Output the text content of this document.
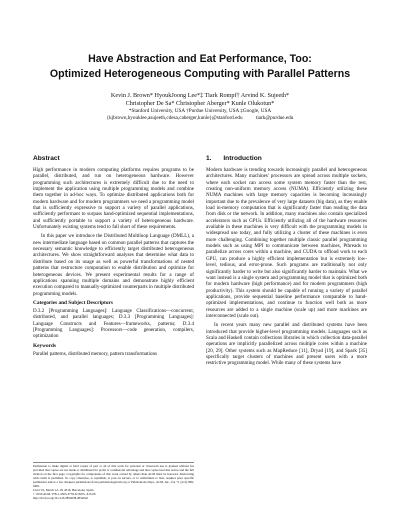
Have Abstraction and Eat Performance, Too:
Optimized Heterogeneous Computing with Parallel Patterns
Kevin J. Brown* HyoukJoong Lee*‡ Tiark Rompf† Arvind K. Sujeeth*
Christopher De Sa* Christopher Aberger* Kunle Olukotun*
*Stanford University, USA †Purdue University, USA ‡Google, USA
{kjbrown,hyouklee,asujeeth,cdesa,caberger,kunle}@stanford.edu	tiark@purdue.edu
Abstract

High performance in modern computing platforms requires programs to be parallel, distributed, and run on heterogeneous hardware. However programming such architectures is extremely difficult due to the need to implement the application using multiple programming models and combine them together in ad-hoc ways. To optimize distributed applications both for modern hardware and for modern programmers we need a programming model that is sufficiently expressive to support a variety of parallel applications, sufficiently performant to surpass hand-optimized sequential implementations, and sufficiently portable to support a variety of heterogeneous hardware. Unfortunately existing systems tend to fall short of these requirements.

In this paper we introduce the Distributed Multiloop Language (DMLL), a new intermediate language based on common parallel patterns that captures the necessary semantic knowledge to efficiently target distributed heterogeneous architectures. We show straightforward analyses that determine what data to distribute based on its usage as well as powerful transformations of nested patterns that restructure computation to enable distribution and optimize for heterogeneous devices. We present experimental results for a range of applications spanning multiple domains and demonstrate highly efficient execution compared to manually-optimized counterparts in multiple distributed programming models.

Categories and Subject Descriptors

D.3.2 [Programming Languages]: Language Classifications—concurrent, distributed, and parallel languages; D.3.3 [Programming Languages]: Language Constructs and Features—frameworks, patterns; D.3.4 [Programming Languages]: Processors—code generation, compilers, optimization

Keywords

Parallel patterns, distributed memory, pattern transformations

1. Introduction

Modern hardware is trending towards increasingly parallel and heterogeneous architectures. Many machines' processors are spread across multiple sockets, where each socket can access some system memory faster than the rest, creating non-uniform memory access (NUMA). Efficiently utilizing these NUMA machines with large memory capacities is becoming increasingly important due to the prevalence of very large datasets (big data), as they enable load in-memory computation that is significantly faster than reading the data from disk or the network. In addition, many machines also contain specialized accelerators such as GPUs. Efficiently utilizing all of the hardware resources available in these machines is very difficult with the programming models in widespread use today, and fully utilizing a cluster of these machines is even more challenging. Combining together multiple classic parallel programming models such as using MPI to communicate between machines, Pthreads to parallelize across cores within a machine, and CUDA to offload work to each GPU, can produce a highly efficient implementation but is extremely low-level, tedious, and error-prone. Such programs are traditionally not only significantly harder to write but also significantly harder to maintain. What we want instead is a single system and programming model that is optimized both for modern hardware (high performance) and for modern programmers (high productivity). This system should be capable of running a variety of parallel applications, provide sequential baseline performance comparable to hand-optimized implementations, and continue to function well both as more resources are added to a single machine (scale up) and more machines are interconnected (scale out).

In recent years many new parallel and distributed systems have been introduced that provide higher-level programming models. Languages such as Scala and Haskell contain collections libraries in which collection data-parallel operations are implicitly parallelized across multiple cores within a machine [20, 29]. Other systems such as MapReduce [11], Dryad [19], and Spark [35] specifically target clusters of machines and present users with a more restrictive programming model. While many of these systems have

Permission to make digital or hard copies of part or all of this work for personal or classroom use is granted without fee provided that copies are not made or distributed for profit or commercial advantage and that copies bear this notice and the full citation on the first page. Copyrights for components of this work owned by others than ACM must be honored. Abstracting with credit is permitted. To copy otherwise, to republish, to post on servers, or to redistribute to lists, requires prior specific permission and/or a fee. Request permissions from permissions@acm.org or Publications Dept., ACM, Inc., fax +1 (212) 869-0481.
CGO '16, March 12–18, 2016, Barcelona, Spain
© 2016 ACM. 978-1-4503-3778-6/16/03...$15.00
http://dx.doi.org/10.1145/2854038.2854042
